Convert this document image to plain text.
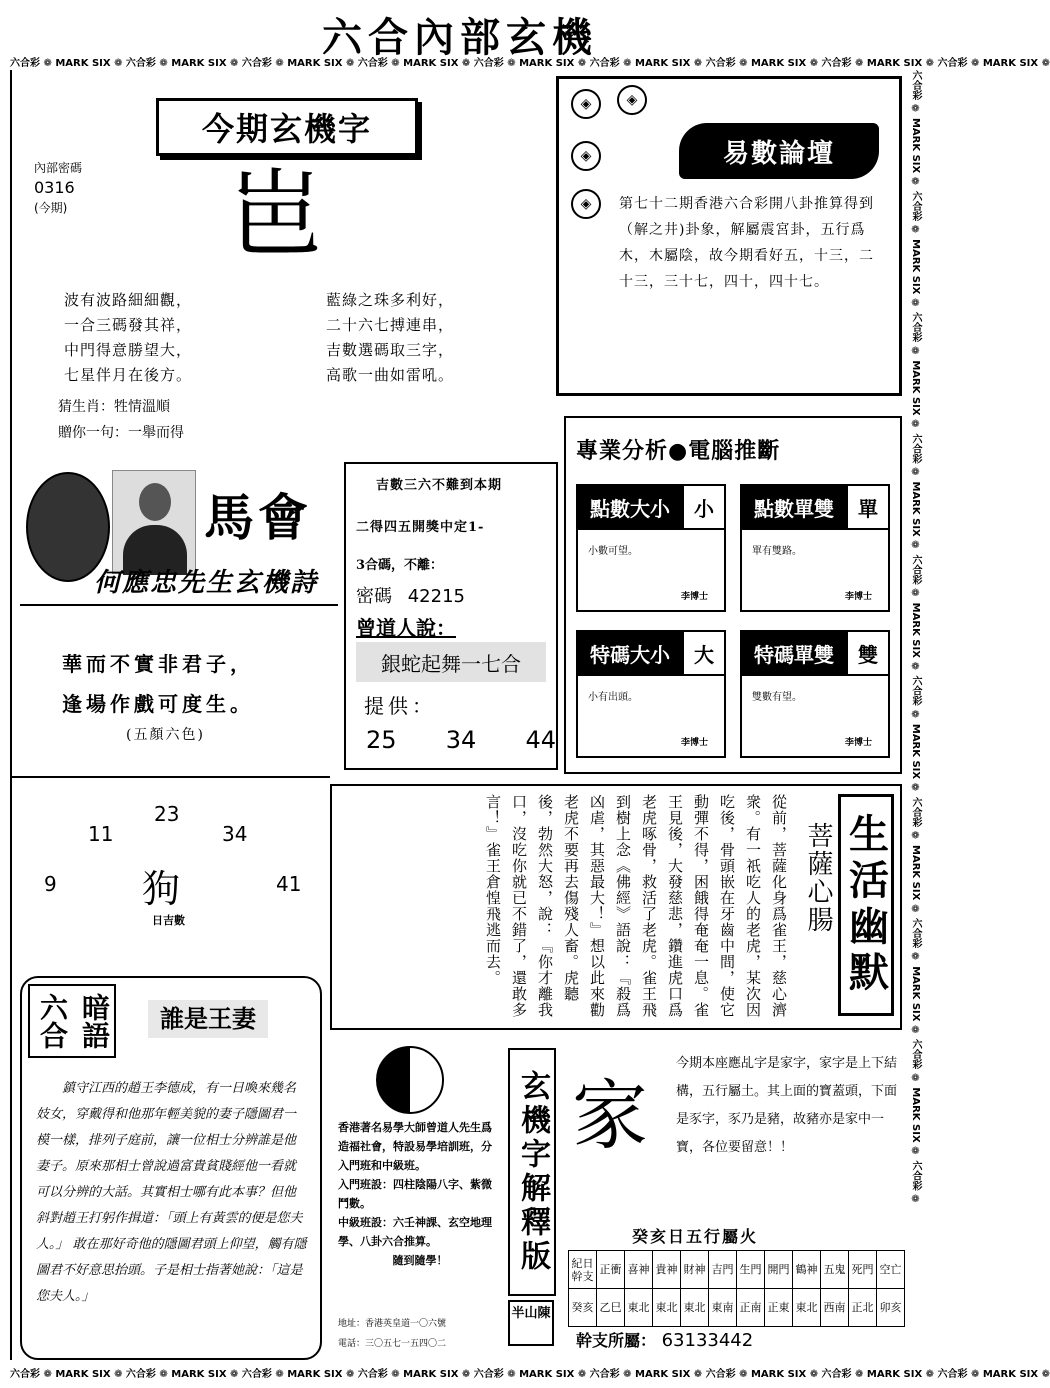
六合內部玄機
六合彩 ❁ MARK SIX ❁ 六合彩 ❁ MARK SIX ❁ 六合彩 ❁ MARK SIX ❁ 六合彩 ❁ MARK SIX ❁ 六合彩 ❁ MARK SIX ❁ 六合彩 ❁ MARK SIX ❁ 六合彩 ❁ MARK SIX ❁ 六合彩 ❁ MARK SIX ❁ 六合彩 ❁ MARK SIX ❁
六合彩 ❁ MARK SIX ❁ 六合彩 ❁ MARK SIX ❁ 六合彩 ❁ MARK SIX ❁ 六合彩 ❁ MARK SIX ❁ 六合彩 ❁ MARK SIX ❁ 六合彩 ❁ MARK SIX ❁ 六合彩 ❁ MARK SIX ❁ 六合彩 ❁ MARK SIX ❁ 六合彩 ❁ MARK SIX ❁
六合彩 ❁ MARK SIX ❁ 六合彩 ❁ MARK SIX ❁ 六合彩 ❁ MARK SIX ❁ 六合彩 ❁ MARK SIX ❁ 六合彩 ❁ MARK SIX ❁ 六合彩 ❁ MARK SIX ❁ 六合彩 ❁ MARK SIX ❁ 六合彩 ❁ MARK SIX ❁ 六合彩 ❁ MARK SIX ❁ 六合彩 ❁
今期玄機字
內部密碼
0316
(今期)	岜
波有波路細細觀，
一合三碼發其祥，
中門得意勝望大，
七星伴月在後方。
藍綠之珠多利好，
二十六七搏連串，
吉數選碼取三字，
高歌一曲如雷吼。
猜生肖：牲情溫順
贈你一句：一舉而得
◈
◈
◈
◈
易數論壇
第七十二期香港六合彩開八卦推算得到（解之井)卦象，解屬震宮卦，五行爲木，木屬陰，故今期看好五，十三，二十三，三十七，四十，四十七。
馬會
何應忠先生玄機詩
華而不實非君子，
逢場作戲可度生。
(五顏六色)
吉數三六不難到本期
二得四五開獎中定1-
3合碼，不離：
密碼 42215
曾道人說：
銀蛇起舞一七合
提供：
25 34 44
專業分析●電腦推斷
點數大小	小
小數可望。
李博士
點數單雙	單
單有雙路。
李博士
特碼大小	大
小有出頭。
李博士
特碼單雙	雙
雙數有望。
李博士
23
11	34
9	41
狗
日吉數	生活幽默
菩薩心腸
從前，菩薩化身爲雀王，慈心濟衆。有一祇吃人的老虎，某次因吃後，骨頭嵌在牙齒中間，使它動彈不得，困餓得奄奄一息。雀王見後，大發慈悲，鑽進虎口爲老虎啄骨，救活了老虎。雀王飛到樹上念《佛經》語說：『殺爲凶虐，其惡最大！』想以此來勸老虎不要再去傷殘人畜。虎聽後，勃然大怒，說：『你才離我口，沒吃你就已不錯了，還敢多言！』雀王倉惶飛逃而去。
六合 暗語	誰是王妻
鎮守江西的趙王李德成，有一日喚來幾名妓女，穿戴得和他那年輕美貌的妻子隱圖君一模一樣，排列子庭前，讓一位相士分辨誰是他妻子。原來那相士曾說過富貴貧賤經他一看就可以分辨的大話。其實相士哪有此本事？但他斜對趙王打躬作揖道：「頭上有黃雲的便是您夫人。」 敢在那好奇他的隱圖君頭上仰望，觸有隱圖君不好意思抬頭。子是相士指著她說：「這是您夫人。」
香港著名易學大師曾道人先生爲造福社會，特設易學培訓班，分入門班和中級班。
入門班設：四柱陰陽八字、紫微鬥數。
中級班設：六壬神課、玄空地理學、八卦六合推算。
隨到隨學！
地址：香港英皇道一〇六號
電話：三〇五七一五四〇二
玄機字解釋版
半山陳
家
今期本座應乩字是家字，家字是上下結構，五行屬土。其上面的寶蓋頭，下面是豕字，豕乃是豬，故豬亦是家中一寶，各位要留意！！
癸亥日五行屬火
紀日
幹支	正衝	喜神	貴神	財神	吉門	生門	開門	鶴神	五鬼	死門	空亡
癸亥	乙巳	東北	東北	東北	東南	正南	正東	東北	西南	正北	卯亥
幹支所屬： 63133442
